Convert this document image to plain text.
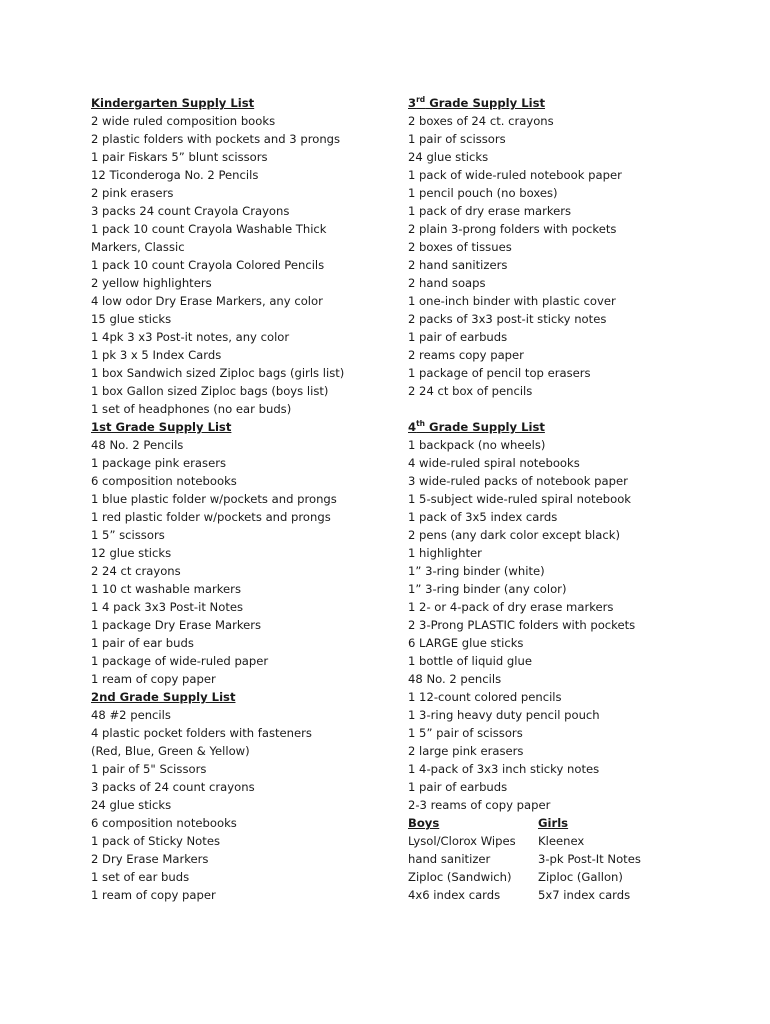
Kindergarten Supply List
2 wide ruled composition books
2 plastic folders with pockets and 3 prongs
1 pair Fiskars 5” blunt scissors
12 Ticonderoga No. 2 Pencils
2 pink erasers
3 packs 24 count Crayola Crayons
1 pack 10 count Crayola Washable Thick
Markers, Classic
1 pack 10 count Crayola Colored Pencils
2 yellow highlighters
4 low odor Dry Erase Markers, any color
15 glue sticks
1 4pk 3 x3 Post-it notes, any color
1 pk 3 x 5 Index Cards
1 box Sandwich sized Ziploc bags (girls list)
1 box Gallon sized Ziploc bags (boys list)
1 set of headphones (no ear buds)
1st Grade Supply List
48 No. 2 Pencils
1 package pink erasers
6 composition notebooks
1 blue plastic folder w/pockets and prongs
1 red plastic folder w/pockets and prongs
1 5” scissors
12 glue sticks
2 24 ct crayons
1 10 ct washable markers
1 4 pack 3x3 Post-it Notes
1 package Dry Erase Markers
1 pair of ear buds
1 package of wide-ruled paper
1 ream of copy paper
2nd Grade Supply List
48 #2 pencils
4 plastic pocket folders with fasteners
(Red, Blue, Green & Yellow)
1 pair of 5" Scissors
3 packs of 24 count crayons
24 glue sticks
6 composition notebooks
1 pack of Sticky Notes
2 Dry Erase Markers
1 set of ear buds
1 ream of copy paper
3rd Grade Supply List
2 boxes of 24 ct. crayons
1 pair of scissors
24 glue sticks
1 pack of wide-ruled notebook paper
1 pencil pouch (no boxes)
1 pack of dry erase markers
2 plain 3-prong folders with pockets
2 boxes of tissues
2 hand sanitizers
2 hand soaps
1 one-inch binder with plastic cover
2 packs of 3x3 post-it sticky notes
1 pair of earbuds
2 reams copy paper
1 package of pencil top erasers
2 24 ct box of pencils
4th Grade Supply List
1 backpack (no wheels)
4 wide-ruled spiral notebooks
3 wide-ruled packs of notebook paper
1 5-subject wide-ruled spiral notebook
1 pack of 3x5 index cards
2 pens (any dark color except black)
1 highlighter
1” 3-ring binder (white)
1” 3-ring binder (any color)
1 2- or 4-pack of dry erase markers
2 3-Prong PLASTIC folders with pockets
6 LARGE glue sticks
1 bottle of liquid glue
48 No. 2 pencils
1 12-count colored pencils
1 3-ring heavy duty pencil pouch
1 5” pair of scissors
2 large pink erasers
1 4-pack of 3x3 inch sticky notes
1 pair of earbuds
2-3 reams of copy paper
Boys	Girls
Lysol/Clorox Wipes	Kleenex
hand sanitizer	3-pk Post-It Notes
Ziploc (Sandwich)	Ziploc (Gallon)
4x6 index cards	5x7 index cards
